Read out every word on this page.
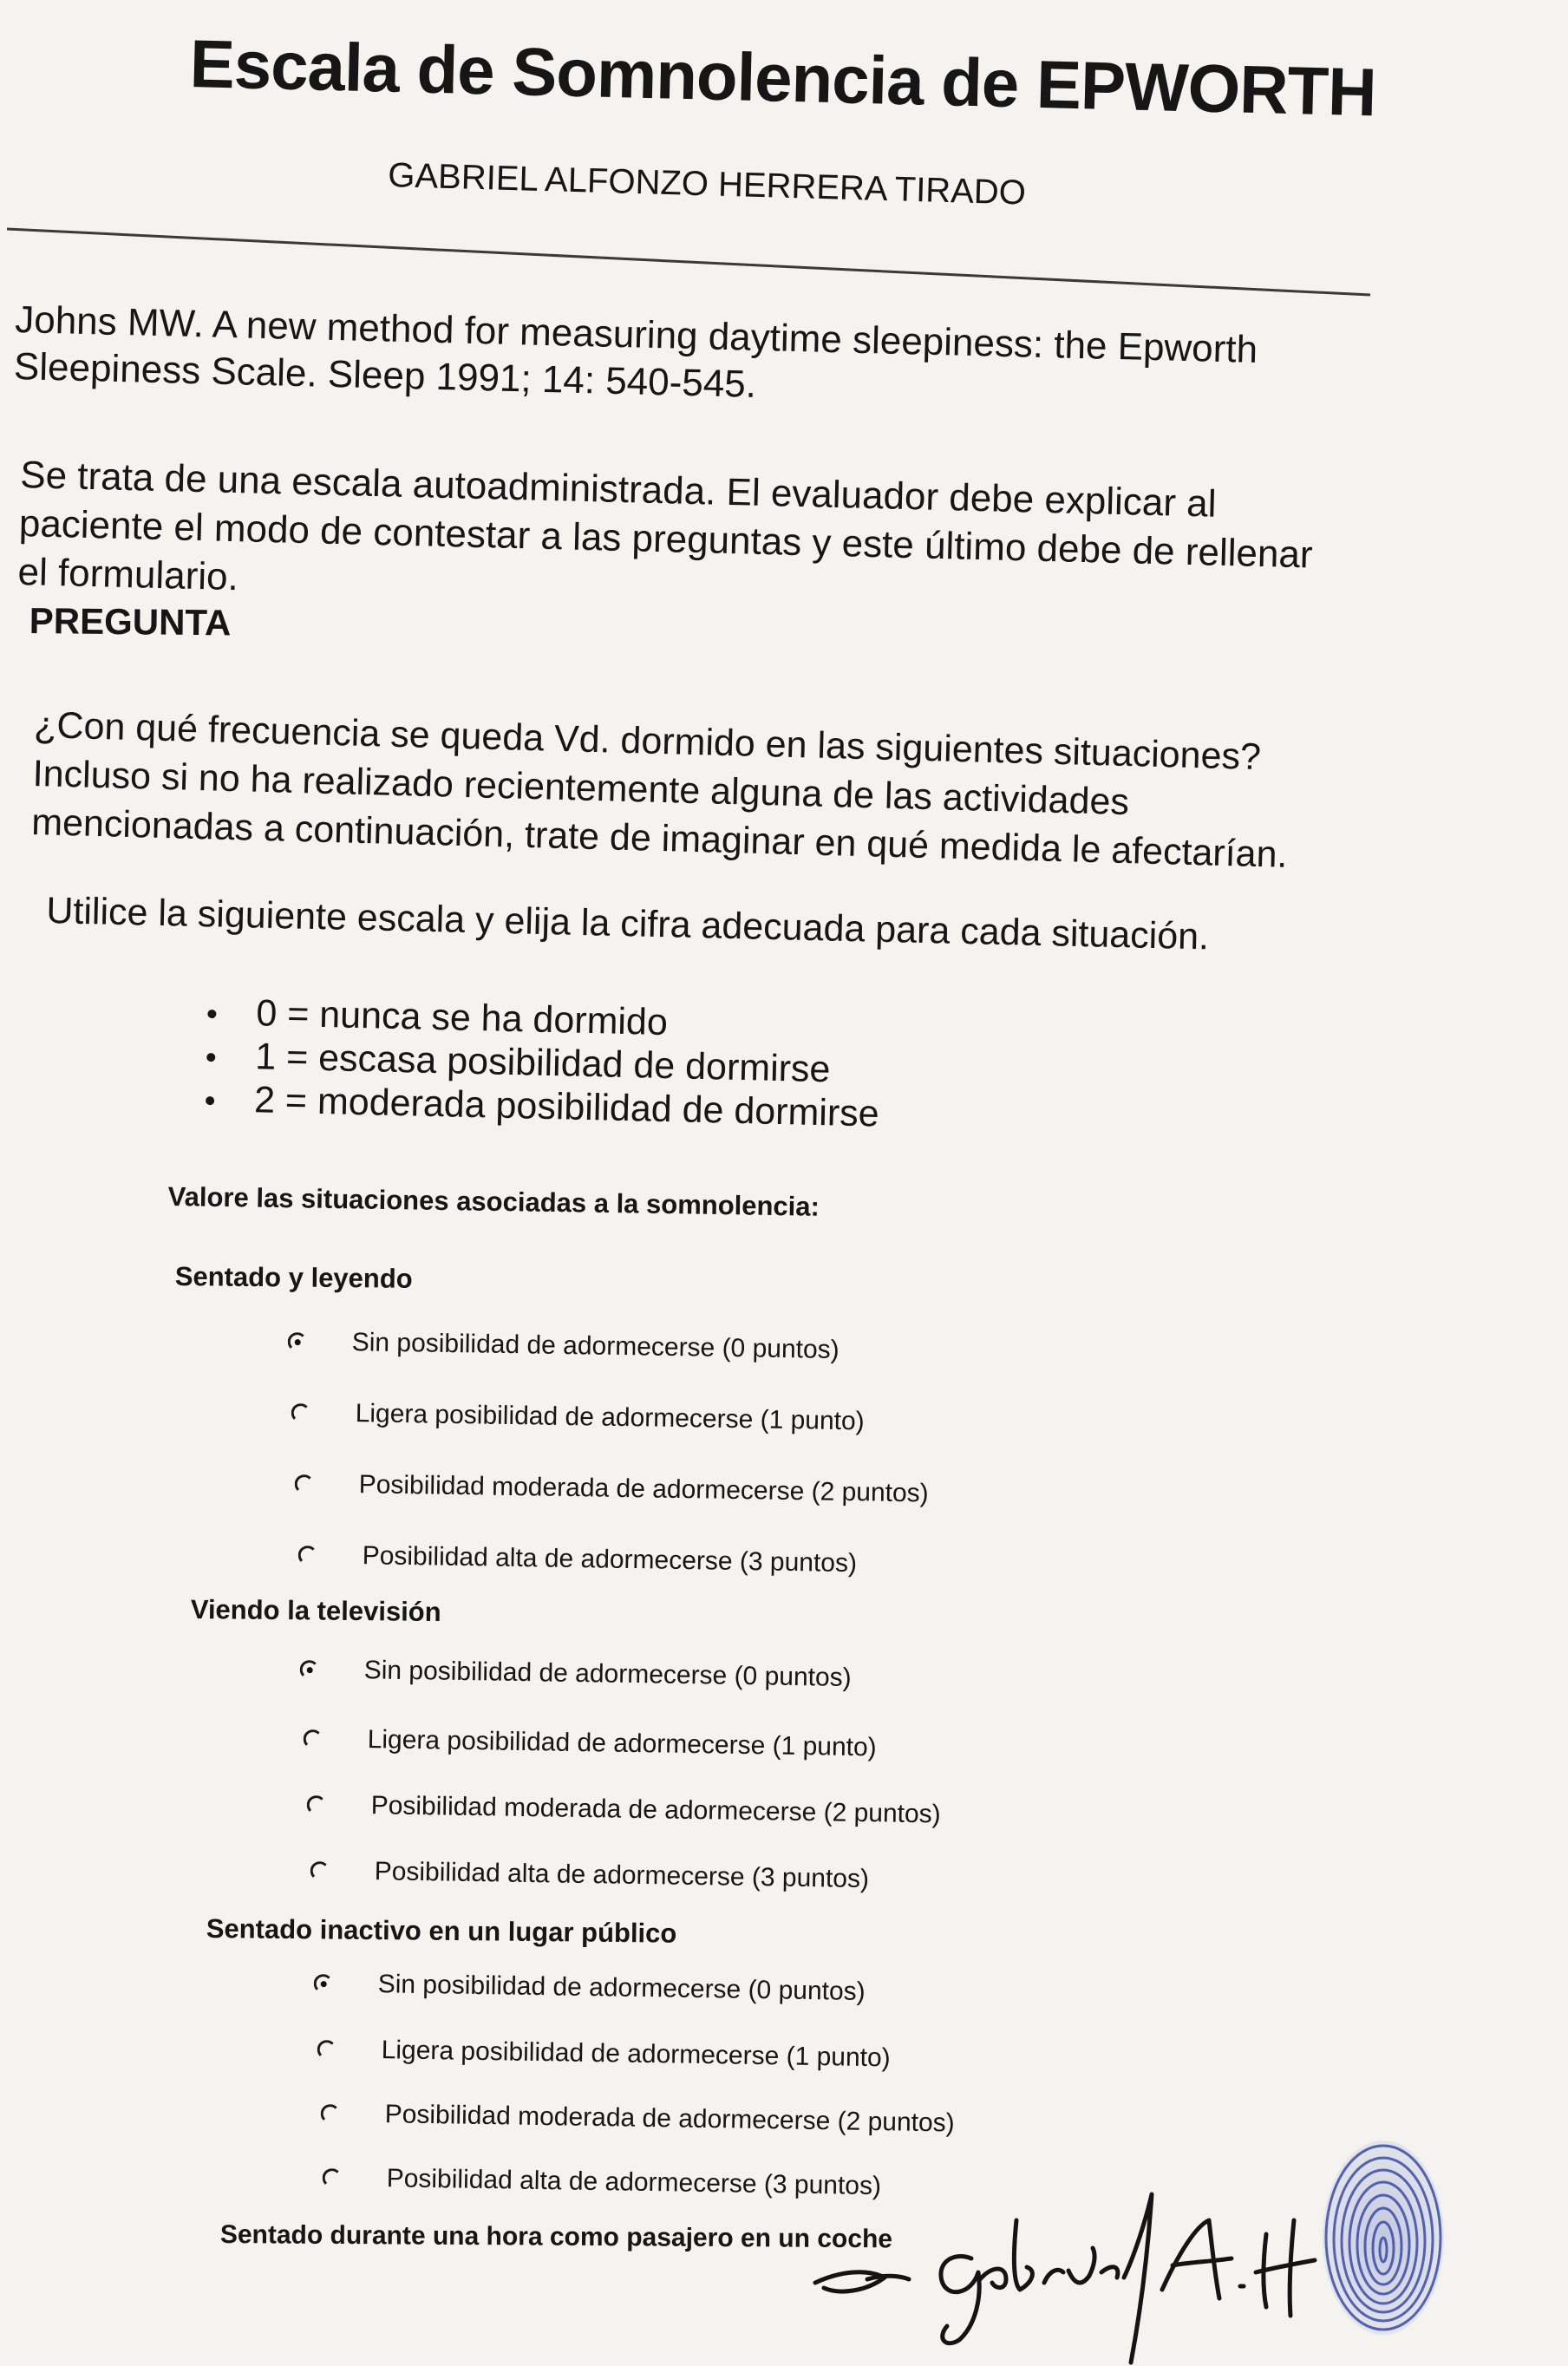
Escala de Somnolencia de EPWORTH
GABRIEL ALFONZO HERRERA TIRADO
Johns MW. A new method for measuring daytime sleepiness: the Epworth Sleepiness Scale. Sleep 1991; 14: 540-545.
Se trata de una escala autoadministrada. El evaluador debe explicar al paciente el modo de contestar a las preguntas y este último debe de rellenar el formulario.
PREGUNTA
¿Con qué frecuencia se queda Vd. dormido en las siguientes situaciones? Incluso si no ha realizado recientemente alguna de las actividades mencionadas a continuación, trate de imaginar en qué medida le afectarían.
Utilice la siguiente escala y elija la cifra adecuada para cada situación.
0 = nunca se ha dormido
1 = escasa posibilidad de dormirse
2 = moderada posibilidad de dormirse
Valore las situaciones asociadas a la somnolencia:
Sentado y leyendo
Sin posibilidad de adormecerse (0 puntos)
Ligera posibilidad de adormecerse (1 punto)
Posibilidad moderada de adormecerse (2 puntos)
Posibilidad alta de adormecerse (3 puntos)
Viendo la televisión
Sin posibilidad de adormecerse (0 puntos)
Ligera posibilidad de adormecerse (1 punto)
Posibilidad moderada de adormecerse (2 puntos)
Posibilidad alta de adormecerse (3 puntos)
Sentado inactivo en un lugar público
Sin posibilidad de adormecerse (0 puntos)
Ligera posibilidad de adormecerse (1 punto)
Posibilidad moderada de adormecerse (2 puntos)
Posibilidad alta de adormecerse (3 puntos)
Sentado durante una hora como pasajero en un coche
